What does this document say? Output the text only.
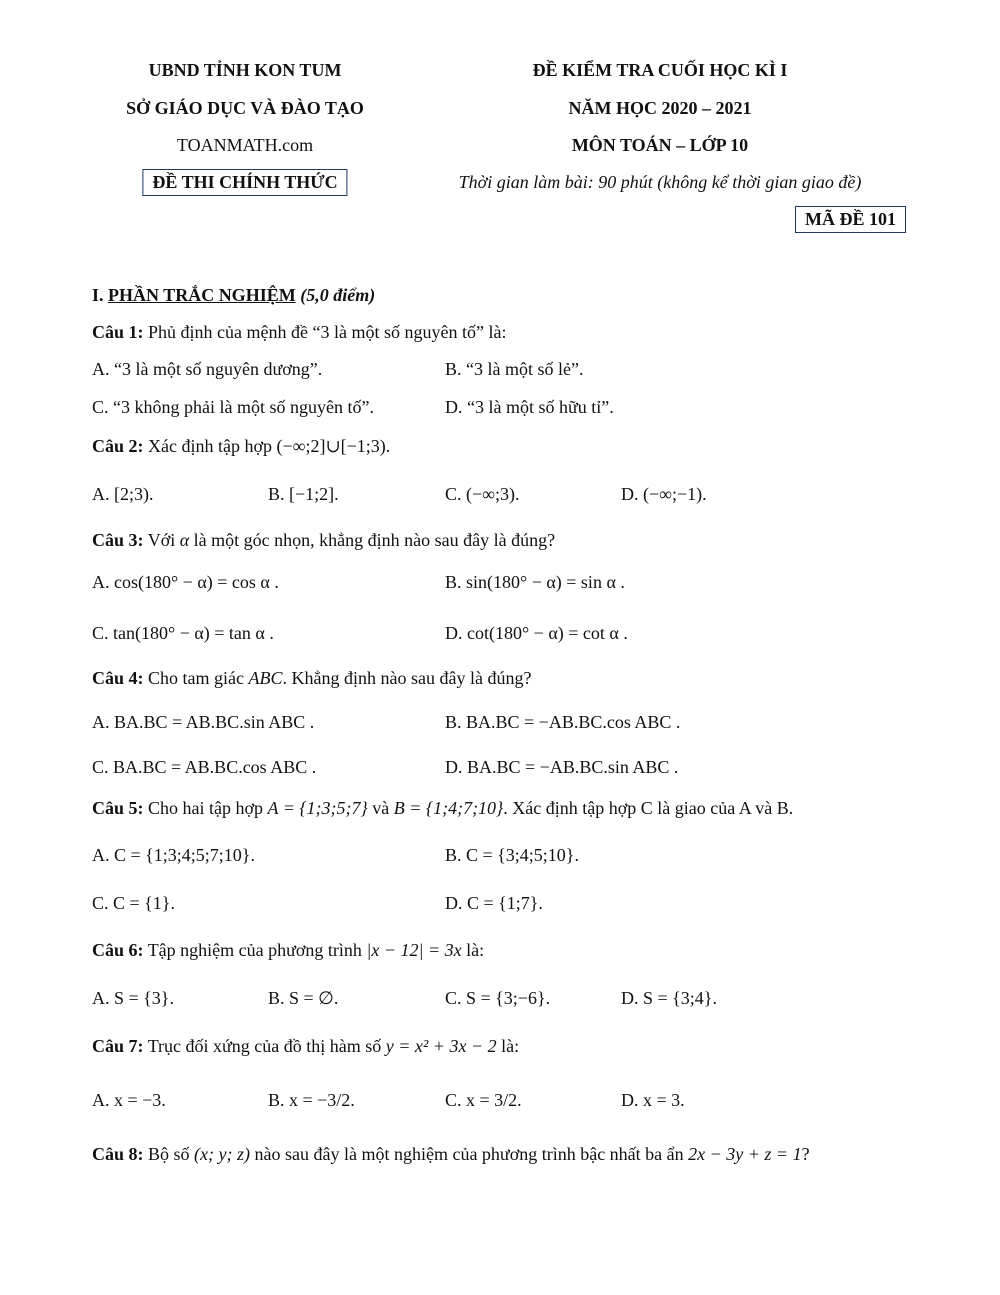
UBND TỈNH KON TUM
SỞ GIÁO DỤC VÀ ĐÀO TẠO
TOANMATH.com
ĐỀ THI CHÍNH THỨC
ĐỀ KIỂM TRA CUỐI HỌC KÌ I
NĂM HỌC 2020 – 2021
MÔN TOÁN – LỚP 10
Thời gian làm bài: 90 phút (không kể thời gian giao đề)
MÃ ĐỀ 101
I. PHẦN TRẮC NGHIỆM (5,0 điểm)
Câu 1: Phủ định của mệnh đề “3 là một số nguyên tố” là:
A. “3 là một số nguyên dương”.	B. “3 là một số lẻ”.
C. “3 không phải là một số nguyên tố”.	D. “3 là một số hữu tỉ”.
Câu 2: Xác định tập hợp (−∞;2]∪[−1;3).
A. [2;3).	B. [−1;2].	C. (−∞;3).	D. (−∞;−1).
Câu 3: Với α là một góc nhọn, khẳng định nào sau đây là đúng?
A. cos(180° − α) = cos α .	B. sin(180° − α) = sin α .
C. tan(180° − α) = tan α .	D. cot(180° − α) = cot α .
Câu 4: Cho tam giác ABC. Khẳng định nào sau đây là đúng?
A. BA.BC = AB.BC.sin ABC .	B. BA.BC = −AB.BC.cos ABC .
C. BA.BC = AB.BC.cos ABC .	D. BA.BC = −AB.BC.sin ABC .
Câu 5: Cho hai tập hợp A = {1;3;5;7} và B = {1;4;7;10}. Xác định tập hợp C là giao của A và B.
A. C = {1;3;4;5;7;10}.	B. C = {3;4;5;10}.
C. C = {1}.	D. C = {1;7}.
Câu 6: Tập nghiệm của phương trình |x − 12| = 3x là:
A. S = {3}.	B. S = ∅.	C. S = {3;−6}.	D. S = {3;4}.
Câu 7: Trục đối xứng của đồ thị hàm số y = x² + 3x − 2 là:
A. x = −3.	B. x = −3/2.	C. x = 3/2.	D. x = 3.
Câu 8: Bộ số (x; y; z) nào sau đây là một nghiệm của phương trình bậc nhất ba ẩn 2x − 3y + z = 1?
